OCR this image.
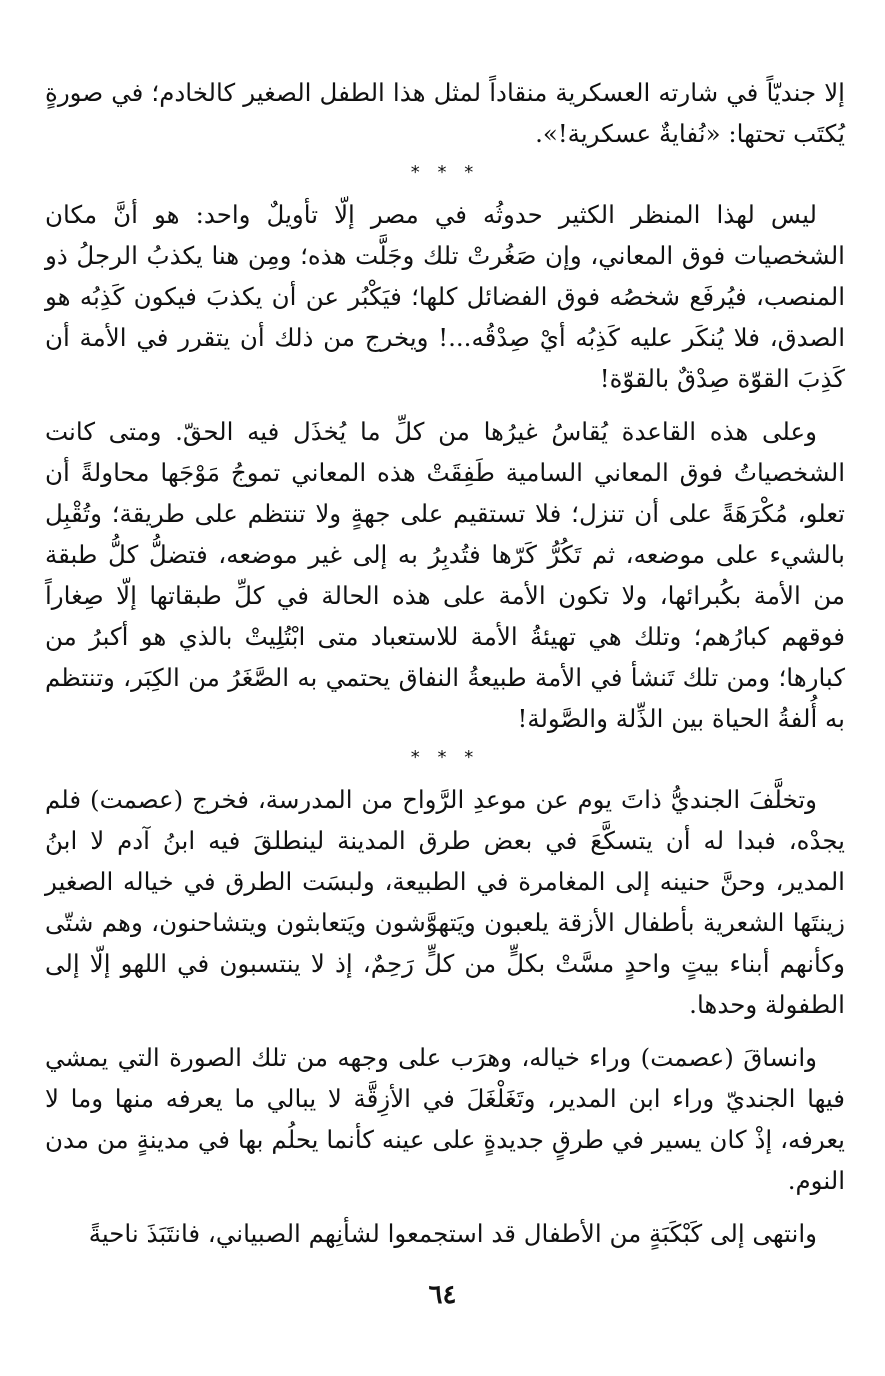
إلا جنديّاً في شارته العسكرية منقاداً لمثل هذا الطفل الصغير كالخادم؛ في صورةٍ يُكتَب تحتها: «نُفايةٌ عسكرية!».

* * *

ليس لهذا المنظر الكثير حدوثُه في مصر إلّا تأويلٌ واحد: هو أنَّ مكان الشخصيات فوق المعاني، وإن صَغُرتْ تلك وجَلَّت هذه؛ ومِن هنا يكذبُ الرجلُ ذو المنصب، فيُرفَع شخصُه فوق الفضائل كلها؛ فيَكْبُر عن أن يكذبَ فيكون كَذِبُه هو الصدق، فلا يُنكَر عليه كَذِبُه أيْ صِدْقُه...! ويخرج من ذلك أن يتقرر في الأمة أن كَذِبَ القوّة صِدْقٌ بالقوّة!

وعلى هذه القاعدة يُقاسُ غيرُها من كلِّ ما يُخذَل فيه الحقّ. ومتى كانت الشخصياتُ فوق المعاني السامية طَفِقَتْ هذه المعاني تموجُ مَوْجَها محاولةً أن تعلو، مُكْرَهَةً على أن تنزل؛ فلا تستقيم على جهةٍ ولا تنتظم على طريقة؛ وتُقْبِل بالشيء على موضعه، ثم تَكُرُّ كَرّها فتُدبِرُ به إلى غير موضعه، فتضلُّ كلُّ طبقة من الأمة بكُبرائها، ولا تكون الأمة على هذه الحالة في كلِّ طبقاتها إلّا صِغاراً فوقهم كبارُهم؛ وتلك هي تهيئةُ الأمة للاستعباد متى ابْتُلِيتْ بالذي هو أكبرُ من كبارها؛ ومن تلك تَنشأ في الأمة طبيعةُ النفاق يحتمي به الصَّغَرُ من الكِبَر، وتنتظم به أُلفةُ الحياة بين الذِّلة والصَّولة!

* * *

وتخلَّفَ الجنديُّ ذاتَ يوم عن موعدِ الرَّواح من المدرسة، فخرج (عصمت) فلم يجدْه، فبدا له أن يتسكَّعَ في بعض طرق المدينة لينطلقَ فيه ابنُ آدم لا ابنُ المدير، وحنَّ حنينه إلى المغامرة في الطبيعة، ولبسَت الطرق في خياله الصغير زينتَها الشعرية بأطفال الأزقة يلعبون ويَتهوَّشون ويَتعابثون ويتشاحنون، وهم شتّى وكأنهم أبناء بيتٍ واحدٍ مسَّتْ بكلٍّ من كلٍّ رَحِمٌ، إذ لا ينتسبون في اللهو إلّا إلى الطفولة وحدها.

وانساقَ (عصمت) وراء خياله، وهرَب على وجهه من تلك الصورة التي يمشي فيها الجنديّ وراء ابن المدير، وتَغَلْغَلَ في الأزِقَّة لا يبالي ما يعرفه منها وما لا يعرفه، إذْ كان يسير في طرقٍ جديدةٍ على عينه كأنما يحلُم بها في مدينةٍ من مدن النوم.

وانتهى إلى كَبْكَبَةٍ من الأطفال قد استجمعوا لشأنِهم الصبياني، فانتَبَذَ ناحيةً

٦٤
